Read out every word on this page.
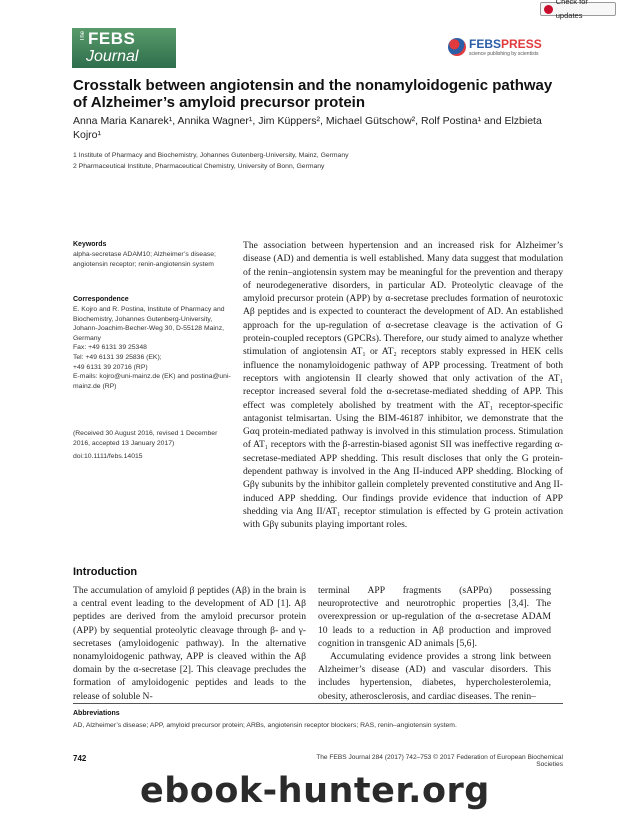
Check for updates
The FEBS
Journal
FEBSPRESS
science publishing by scientists
Crosstalk between angiotensin and the nonamyloidogenic pathway of Alzheimer’s amyloid precursor protein
Anna Maria Kanarek¹, Annika Wagner¹, Jim Küppers², Michael Gütschow², Rolf Postina¹ and Elzbieta Kojro¹
1 Institute of Pharmacy and Biochemistry, Johannes Gutenberg-University, Mainz, Germany
2 Pharmaceutical Institute, Pharmaceutical Chemistry, University of Bonn, Germany
Keywords
alpha-secretase ADAM10; Alzheimer’s disease; angiotensin receptor; renin-angiotensin system
Correspondence
E. Kojro and R. Postina, Institute of Pharmacy and Biochemistry, Johannes Gutenberg-University, Johann-Joachim-Becher-Weg 30, D-55128 Mainz, Germany
Fax: +49 6131 39 25348
Tel: +49 6131 39 25836 (EK);
+49 6131 39 20716 (RP)
E-mails: kojro@uni-mainz.de (EK) and postina@uni-mainz.de (RP)
(Received 30 August 2016, revised 1 December 2016, accepted 13 January 2017)
doi:10.1111/febs.14015
The association between hypertension and an increased risk for Alzheimer’s disease (AD) and dementia is well established. Many data suggest that modulation of the renin–angiotensin system may be meaningful for the prevention and therapy of neurodegenerative disorders, in particular AD. Proteolytic cleavage of the amyloid precursor protein (APP) by α-secretase precludes formation of neurotoxic Aβ peptides and is expected to counteract the development of AD. An established approach for the up-regulation of α-secretase cleavage is the activation of G protein-coupled receptors (GPCRs). Therefore, our study aimed to analyze whether stimulation of angiotensin AT₁ or AT₂ receptors stably expressed in HEK cells influence the nonamyloidogenic pathway of APP processing. Treatment of both receptors with angiotensin II clearly showed that only activation of the AT₁ receptor increased several fold the α-secretase-mediated shedding of APP. This effect was completely abolished by treatment with the AT₁ receptor-specific antagonist telmisartan. Using the BIM-46187 inhibitor, we demonstrate that the Gαq protein-mediated pathway is involved in this stimulation process. Stimulation of AT₁ receptors with the β-arrestin-biased agonist SII was ineffective regarding α-secretase-mediated APP shedding. This result discloses that only the G protein-dependent pathway is involved in the Ang II-induced APP shedding. Blocking of Gβγ subunits by the inhibitor gallein completely prevented constitutive and Ang II-induced APP shedding. Our findings provide evidence that induction of APP shedding via Ang II/AT₁ receptor stimulation is effected by G protein activation with Gβγ subunits playing important roles.
Introduction

The accumulation of amyloid β peptides (Aβ) in the brain is a central event leading to the development of AD [1]. Aβ peptides are derived from the amyloid precursor protein (APP) by sequential proteolytic cleavage through β- and γ-secretases (amyloidogenic pathway). In the alternative nonamyloidogenic pathway, APP is cleaved within the Aβ domain by the α-secretase [2]. This cleavage precludes the formation of amyloidogenic peptides and leads to the release of soluble N-

terminal APP fragments (sAPPα) possessing neuroprotective and neurotrophic properties [3,4]. The overexpression or up-regulation of the α-secretase ADAM 10 leads to a reduction in Aβ production and improved cognition in transgenic AD animals [5,6].

Accumulating evidence provides a strong link between Alzheimer’s disease (AD) and vascular disorders. This includes hypertension, diabetes, hypercholesterolemia, obesity, atherosclerosis, and cardiac diseases. The renin–

Abbreviations
AD, Alzheimer’s disease; APP, amyloid precursor protein; ARBs, angiotensin receptor blockers; RAS, renin–angiotensin system.
742	The FEBS Journal 284 (2017) 742–753 © 2017 Federation of European Biochemical Societies
ebook-hunter.org
